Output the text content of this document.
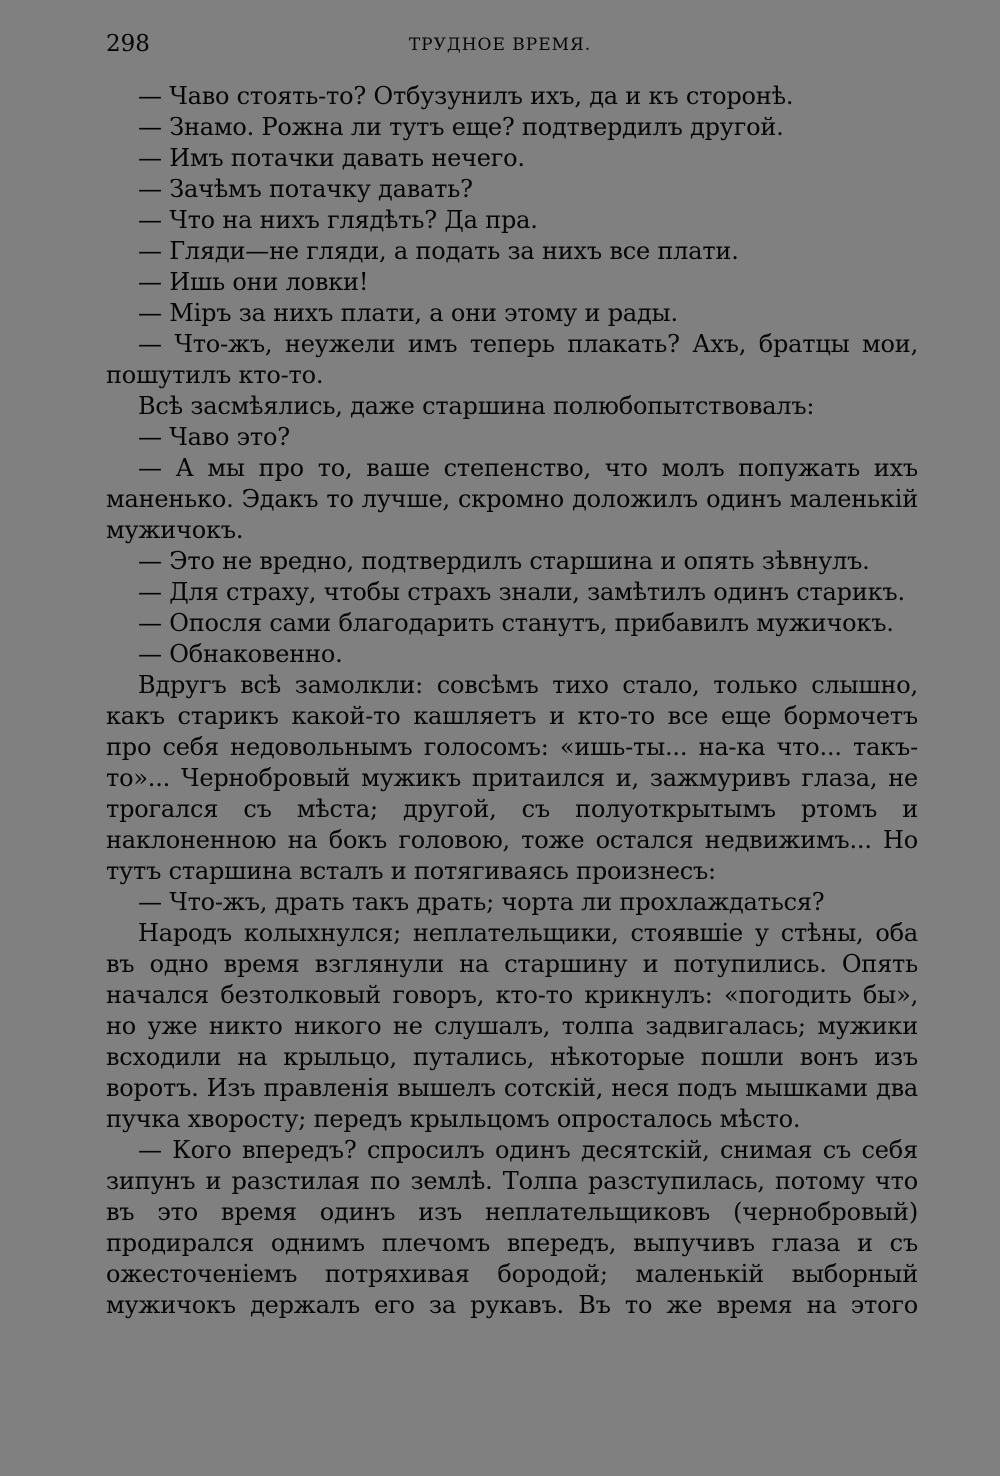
298	ТРУДНОЕ ВРЕМЯ.

— Чаво стоять-то? Отбузунилъ ихъ, да и къ сторонѣ.

— Знамо. Рожна ли тутъ еще? подтвердилъ другой.

— Имъ потачки давать нечего.

— Зачѣмъ потачку давать?

— Что на нихъ глядѣть? Да пра.

— Гляди—не гляди, а подать за нихъ все плати.

— Ишь они ловки!

— Міръ за нихъ плати, а они этому и рады.

— Что-жъ, неужели имъ теперь плакать? Ахъ, братцы мои, пошутилъ кто-то.

Всѣ засмѣялись, даже старшина полюбопытствовалъ:

— Чаво это?

— А мы про то, ваше степенство, что молъ попужать ихъ маненько. Эдакъ то лучше, скромно доложилъ одинъ маленькій мужичокъ.

— Это не вредно, подтвердилъ старшина и опять зѣвнулъ.

— Для страху, чтобы страхъ знали, замѣтилъ одинъ старикъ.

— Опосля сами благодарить станутъ, прибавилъ мужичокъ.

— Обнаковенно.

Вдругъ всѣ замолкли: совсѣмъ тихо стало, только слышно, какъ старикъ какой-то кашляетъ и кто-то все еще бормочетъ про себя недовольнымъ голосомъ: «ишь-ты... на-ка что... такъ-то»... Чернобровый мужикъ притаился и, зажмуривъ глаза, не трогался съ мѣста; другой, съ полуоткрытымъ ртомъ и наклоненною на бокъ головою, тоже остался недвижимъ... Но тутъ старшина всталъ и потягиваясь произнесъ:

— Что-жъ, драть такъ драть; чорта ли прохлаждаться?

Народъ колыхнулся; неплательщики, стоявшіе у стѣны, оба въ одно время взглянули на старшину и потупились. Опять начался безтолковый говоръ, кто-то крикнулъ: «погодить бы», но уже никто никого не слушалъ, толпа задвигалась; мужики всходили на крыльцо, путались, нѣкоторые пошли вонъ изъ воротъ. Изъ правленія вышелъ сотскій, неся подъ мышками два пучка хворосту; передъ крыльцомъ опросталось мѣсто.

— Кого впередъ? спросилъ одинъ десятскій, снимая съ себя зипунъ и разстилая по землѣ. Толпа разступилась, потому что въ это время одинъ изъ неплательщиковъ (чернобровый) продирался однимъ плечомъ впередъ, выпучивъ глаза и съ ожесточеніемъ потряхивая бородой; маленькій выборный мужичокъ держалъ его за рукавъ. Въ то же время на этого
